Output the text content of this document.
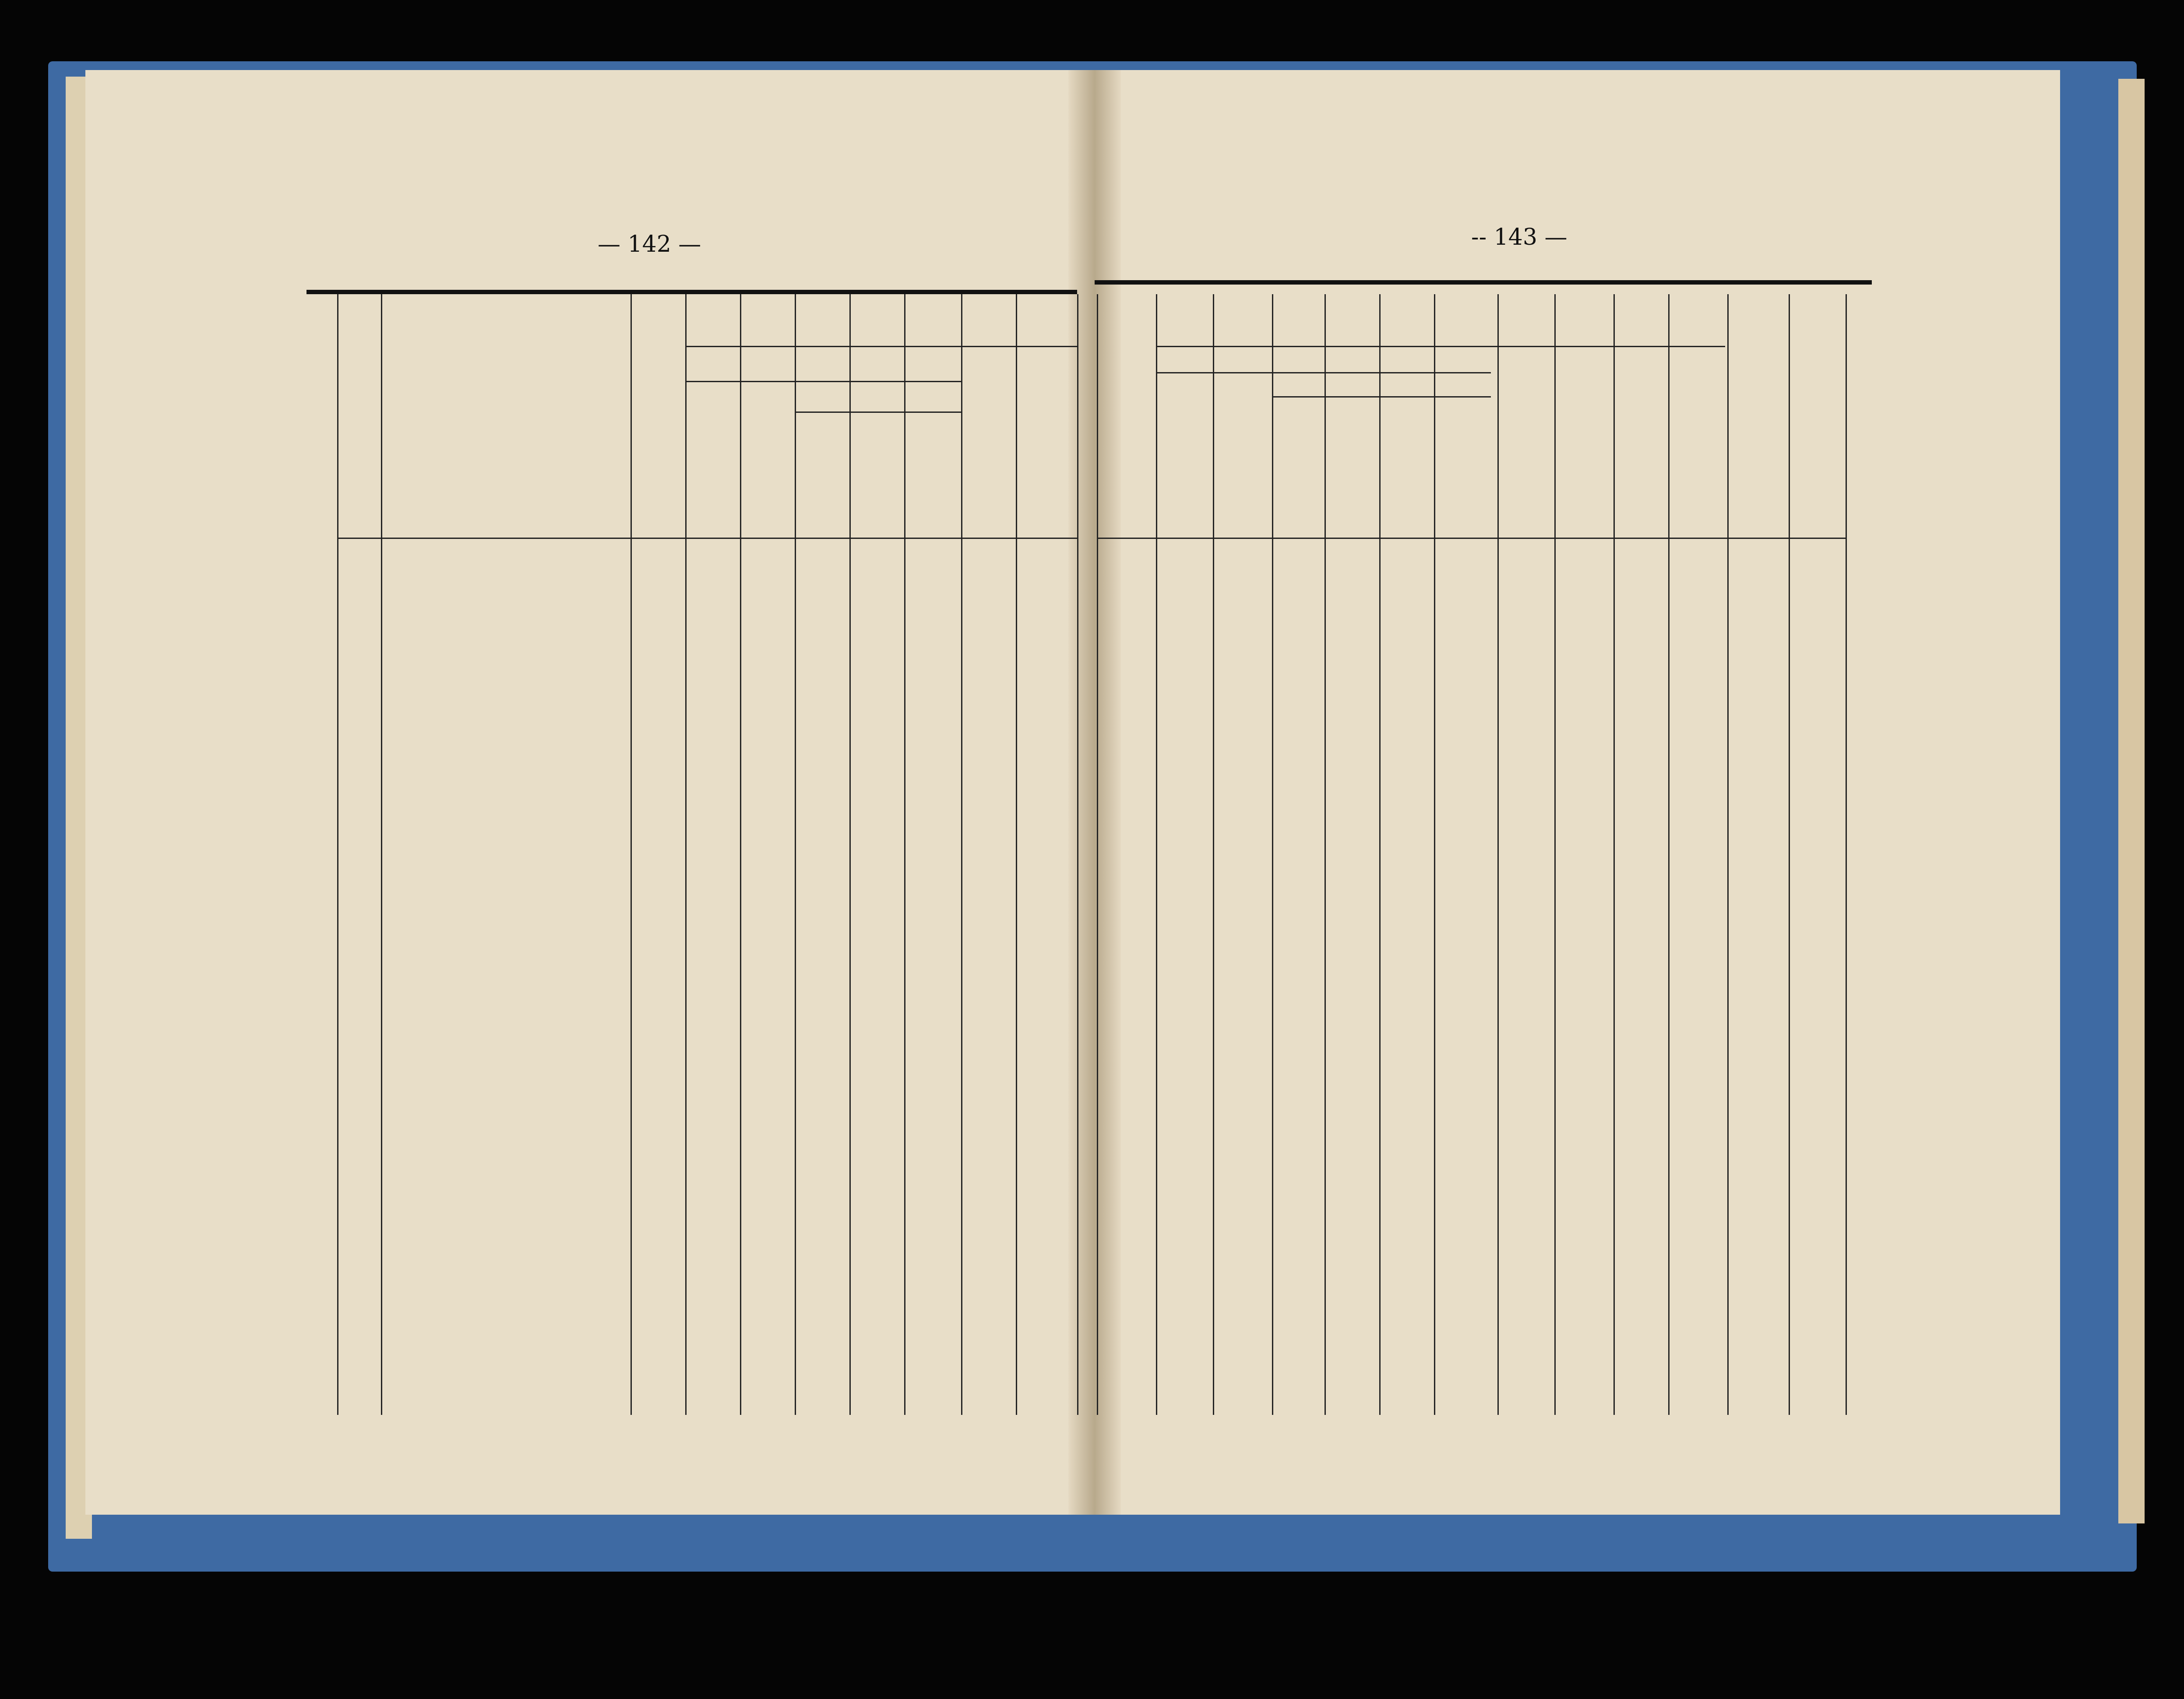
— 142 —	-- 143 —
